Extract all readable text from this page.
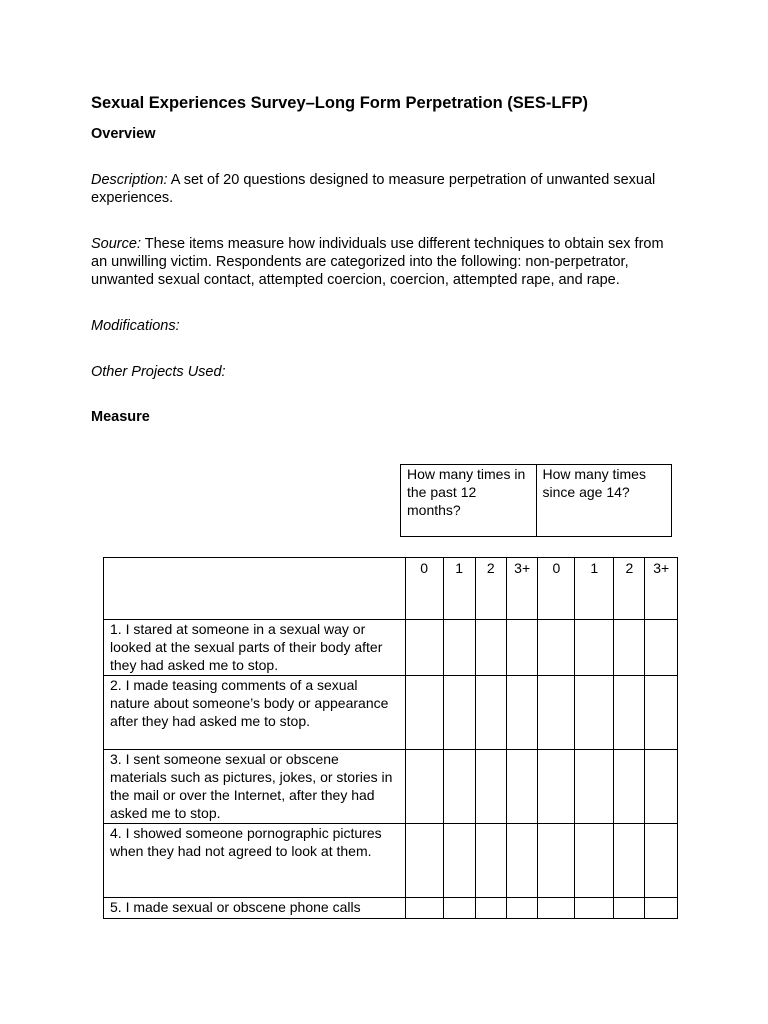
Sexual Experiences Survey–Long Form Perpetration (SES-LFP)
Overview

Description: A set of 20 questions designed to measure perpetration of unwanted sexual experiences.

Source: These items measure how individuals use different techniques to obtain sex from an unwilling victim. Respondents are categorized into the following: non-perpetrator, unwanted sexual contact, attempted coercion, coercion, attempted rape, and rape.

Modifications:

Other Projects Used:

Measure
How many times in the past 12 months?	How many times since age 14?
	0	1	2	3+	0	1	2	3+
1. I stared at someone in a sexual way or looked at the sexual parts of their body after they had asked me to stop.								
2. I made teasing comments of a sexual nature about someone’s body or appearance after they had asked me to stop.								
3. I sent someone sexual or obscene materials such as pictures, jokes, or stories in the mail or over the Internet, after they had asked me to stop.								
4. I showed someone pornographic pictures when they had not agreed to look at them.								
5. I made sexual or obscene phone calls								
